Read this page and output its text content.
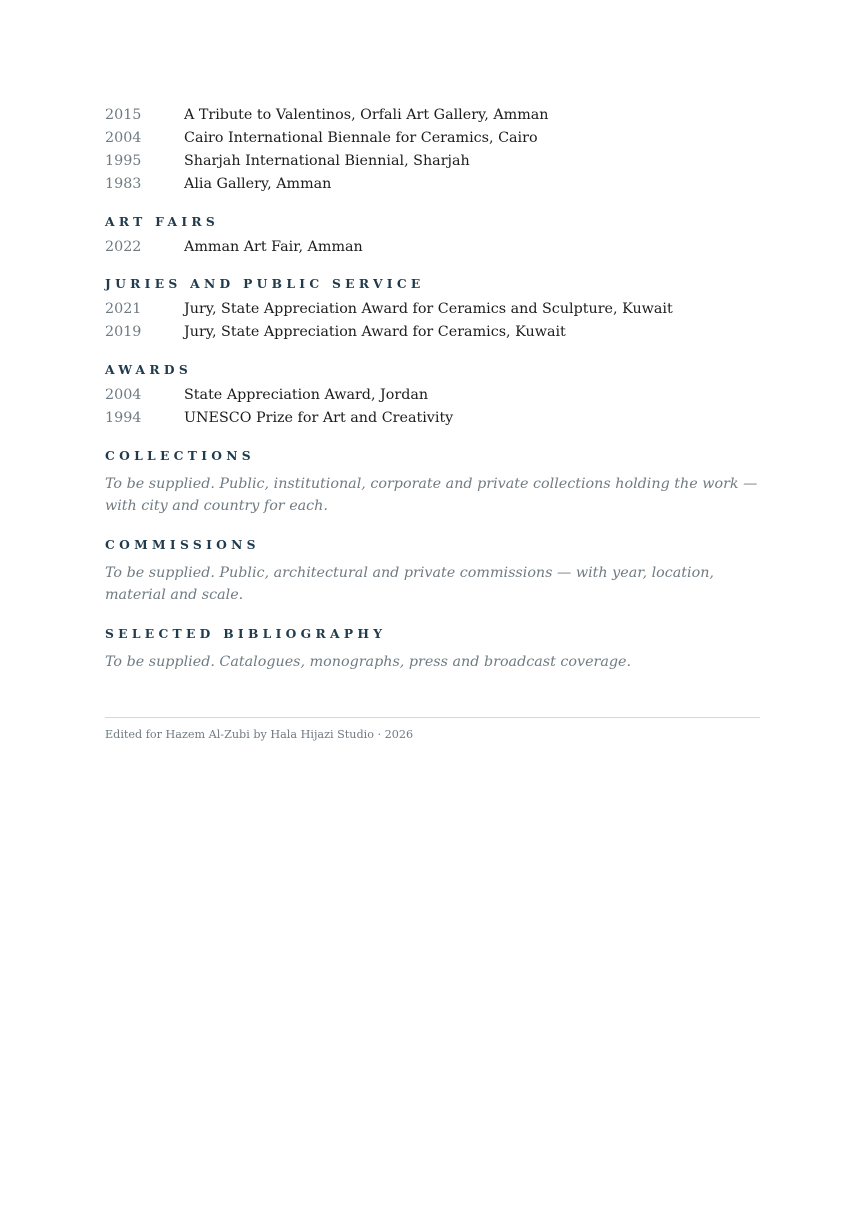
2015	A Tribute to Valentinos, Orfali Art Gallery, Amman
2004	Cairo International Biennale for Ceramics, Cairo
1995	Sharjah International Biennial, Sharjah
1983	Alia Gallery, Amman
ART FAIRS
2022	Amman Art Fair, Amman
JURIES AND PUBLIC SERVICE
2021	Jury, State Appreciation Award for Ceramics and Sculpture, Kuwait
2019	Jury, State Appreciation Award for Ceramics, Kuwait
AWARDS
2004	State Appreciation Award, Jordan
1994	UNESCO Prize for Art and Creativity
COLLECTIONS

To be supplied. Public, institutional, corporate and private collections holding the work — with city and country for each.

COMMISSIONS

To be supplied. Public, architectural and private commissions — with year, location, material and scale.

SELECTED BIBLIOGRAPHY

To be supplied. Catalogues, monographs, press and broadcast coverage.

Edited for Hazem Al-Zubi by Hala Hijazi Studio · 2026
